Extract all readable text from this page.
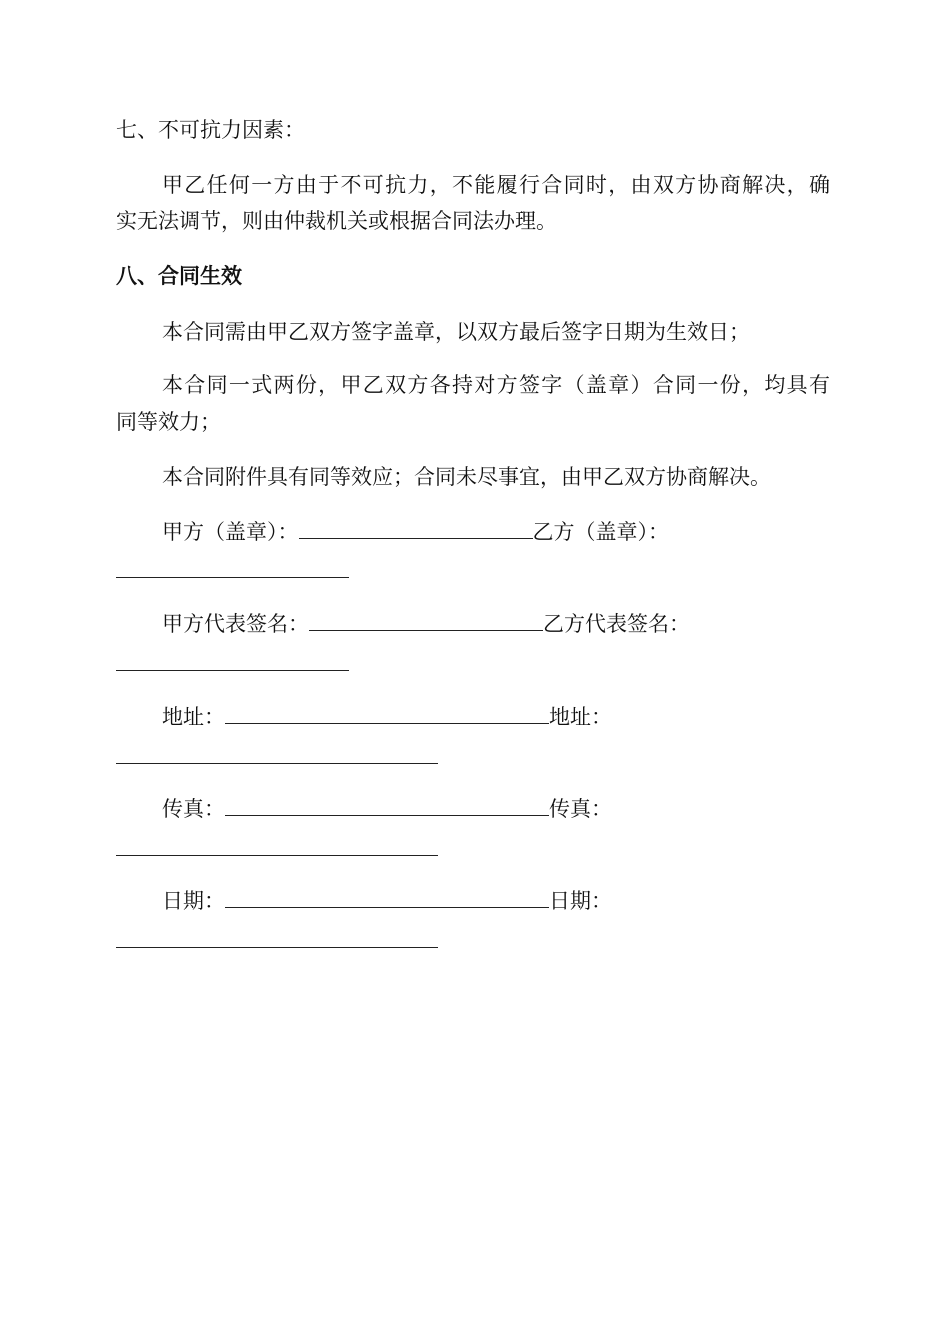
七、不可抗力因素：
甲乙任何一方由于不可抗力，不能履行合同时，由双方协商解决，确
实无法调节，则由仲裁机关或根据合同法办理。
八、合同生效
本合同需由甲乙双方签字盖章，以双方最后签字日期为生效日；
本合同一式两份，甲乙双方各持对方签字（盖章）合同一份，均具有
同等效力；
本合同附件具有同等效应；合同未尽事宜，由甲乙双方协商解决。
甲方（盖章）：	乙方（盖章）：
甲方代表签名：	乙方代表签名：
地址：	地址：
传真：	传真：
日期：	日期：
